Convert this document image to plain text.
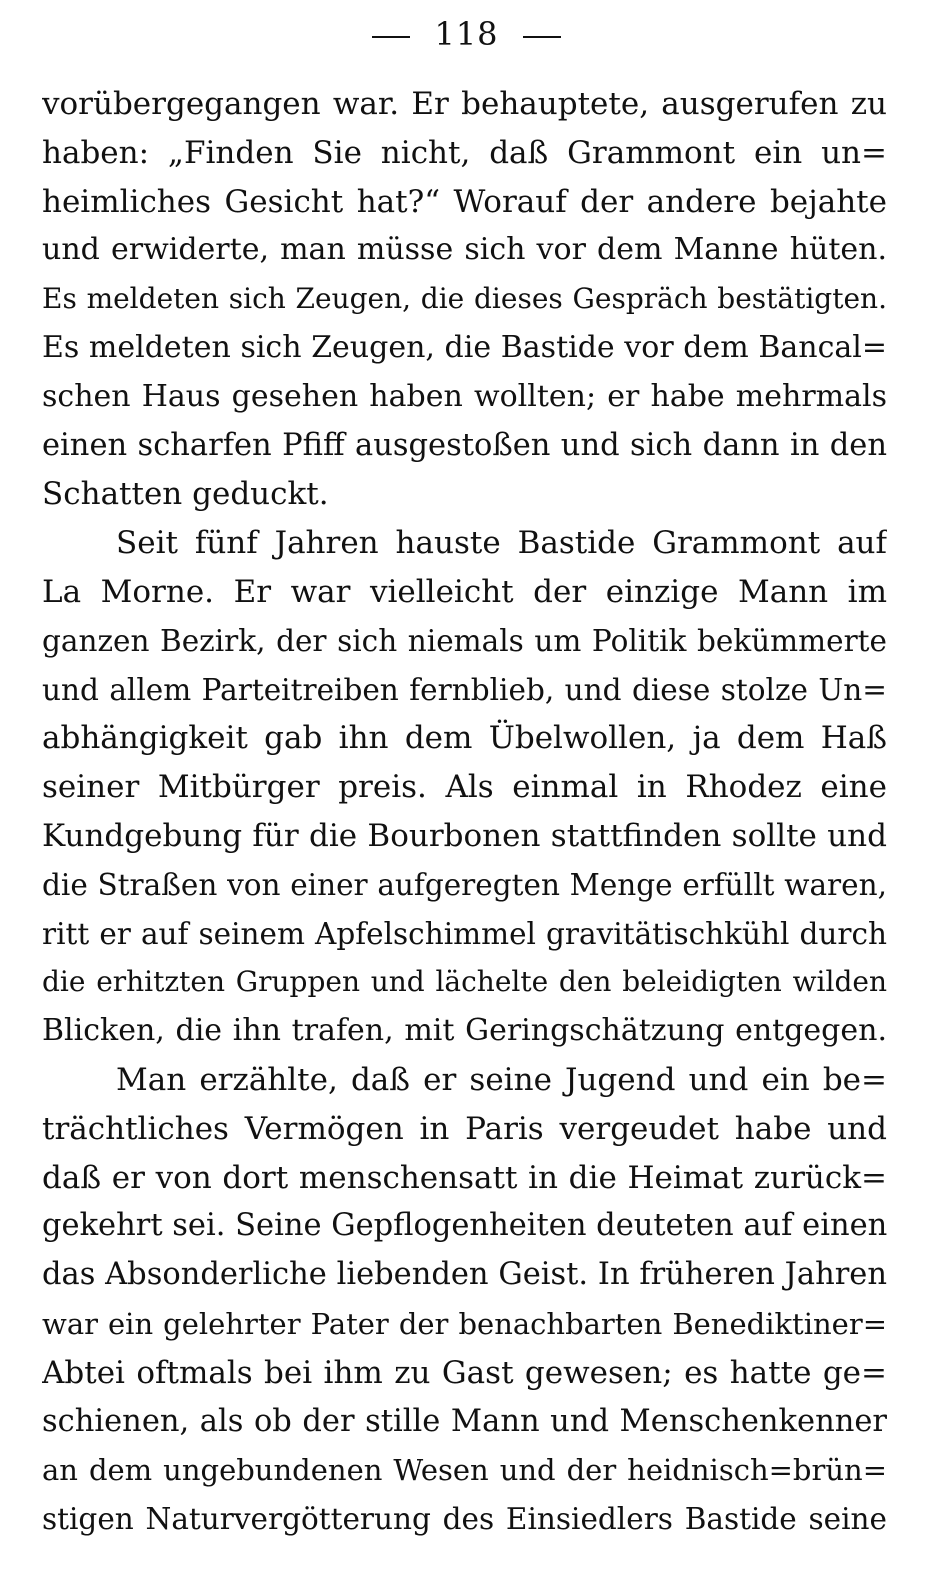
118
vorübergegangen war. Er behauptete, ausgerufen zu
haben: „Finden Sie nicht, daß Grammont ein un=
heimliches Gesicht hat?“ Worauf der andere bejahte
und erwiderte, man müsse sich vor dem Manne hüten.
Es meldeten sich Zeugen, die dieses Gespräch bestätigten.
Es meldeten sich Zeugen, die Bastide vor dem Bancal=
schen Haus gesehen haben wollten; er habe mehrmals
einen scharfen Pfiff ausgestoßen und sich dann in den
Schatten geduckt.
Seit fünf Jahren hauste Bastide Grammont auf
La Morne. Er war vielleicht der einzige Mann im
ganzen Bezirk, der sich niemals um Politik bekümmerte
und allem Parteitreiben fernblieb, und diese stolze Un=
abhängigkeit gab ihn dem Übelwollen, ja dem Haß
seiner Mitbürger preis. Als einmal in Rhodez eine
Kundgebung für die Bourbonen stattfinden sollte und
die Straßen von einer aufgeregten Menge erfüllt waren,
ritt er auf seinem Apfelschimmel gravitätischkühl durch
die erhitzten Gruppen und lächelte den beleidigten wilden
Blicken, die ihn trafen, mit Geringschätzung entgegen.
Man erzählte, daß er seine Jugend und ein be=
trächtliches Vermögen in Paris vergeudet habe und
daß er von dort menschensatt in die Heimat zurück=
gekehrt sei. Seine Gepflogenheiten deuteten auf einen
das Absonderliche liebenden Geist. In früheren Jahren
war ein gelehrter Pater der benachbarten Benediktiner=
Abtei oftmals bei ihm zu Gast gewesen; es hatte ge=
schienen, als ob der stille Mann und Menschenkenner
an dem ungebundenen Wesen und der heidnisch=brün=
stigen Naturvergötterung des Einsiedlers Bastide seine
